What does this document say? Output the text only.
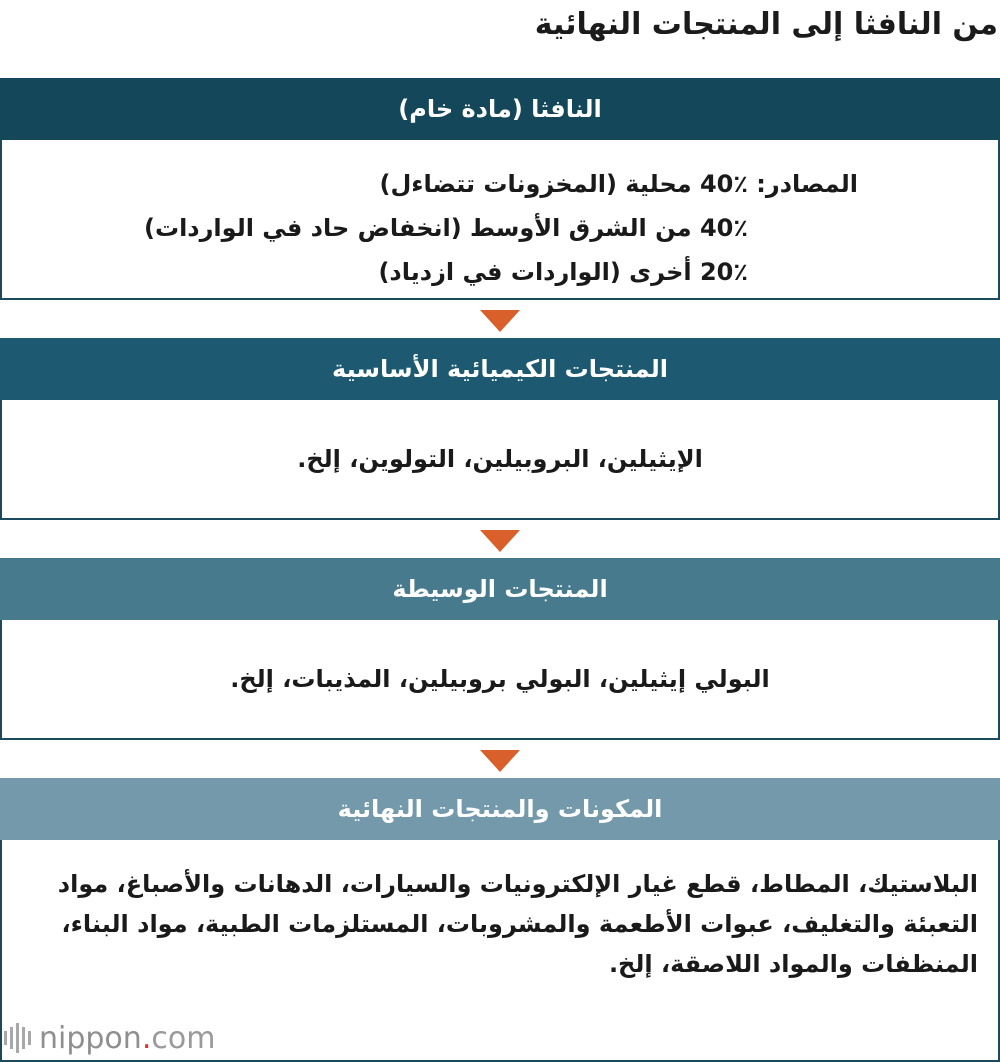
من النافثا إلى المنتجات النهائية
النافثا (مادة خام)
المصادر:
40٪ محلية (المخزونات تتضاءل)
40٪ من الشرق الأوسط (انخفاض حاد في الواردات)
20٪ أخرى (الواردات في ازدياد)
المنتجات الكيميائية الأساسية
الإيثيلين، البروبيلين، التولوين، إلخ.
المنتجات الوسيطة
البولي إيثيلين، البولي بروبيلين، المذيبات، إلخ.
المكونات والمنتجات النهائية
البلاستيك، المطاط، قطع غيار الإلكترونيات والسيارات، الدهانات والأصباغ، مواد التعبئة والتغليف، عبوات الأطعمة والمشروبات، المستلزمات الطبية، مواد البناء، المنظفات والمواد اللاصقة، إلخ.
nippon . com
